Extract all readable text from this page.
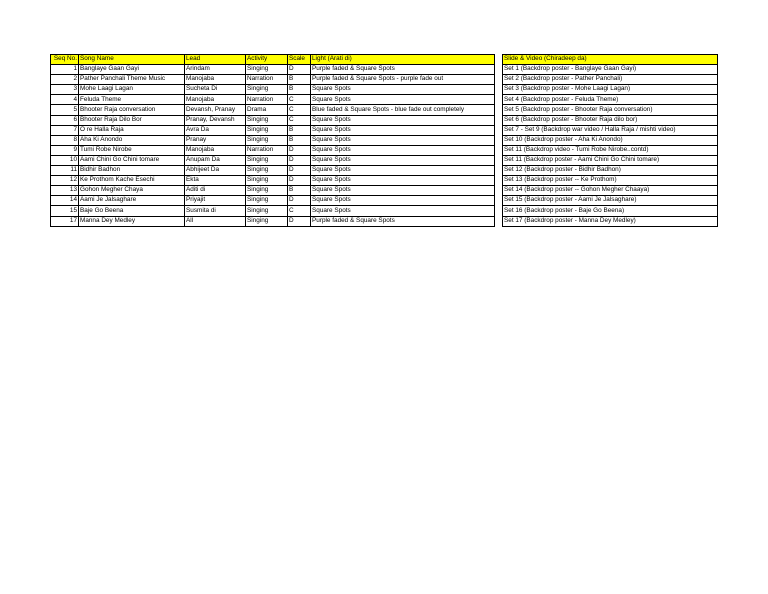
Seq No.	Song Name	Lead	Activity	Scale	Light (Arati di)		Slide & Video (Chiradeep da)
1	Banglaye Gaan Gayi	Arindam	Singing	D	Purple faded & Square Spots		Set 1 (Backdrop poster - Banglaye Gaan Gayi)
2	Pather Panchali Theme Music	Manojaba	Narration	B	Purple faded & Square Spots - purple fade out		Set 2 (Backdrop poster - Pather Panchali)
3	Mohe Laagi Lagan	Sucheta Di	Singing	B	Square Spots		Set 3 (Backdrop poster - Mohe Laagi Lagan)
4	Feluda Theme	Manojaba	Narration	C	Square Spots		Set 4 (Backdrop poster - Feluda Theme)
5	Bhooter Raja conversation	Devansh, Pranay	Drama	C	Blue faded & Square Spots - blue fade out completely		Set 5 (Backdrop poster - Bhooter Raja conversation)
6	Bhooter Raja Dilo Bor	Pranay, Devansh	Singing	C	Square Spots		Set 6 (Backdrop poster - Bhooter Raja dilo bor)
7	O re Halla Raja	Avra Da	Singing	B	Square Spots		Set 7 - Set 9 (Backdrop war video / Halla Raja / mishti video)
8	Aha Ki Anondo	Pranay	Singing	B	Square Spots		Set 10 (Backdrop poster - Aha Ki Anondo)
9	Tumi Robe Nirobe	Manojaba	Narration	D	Square Spots		Set 11 (Backdrop video - Tumi Robe Nirobe..contd)
10	Aami Chini Go Chini tomare	Anupam Da	Singing	D	Square Spots		Set 11 (Backdrop poster - Aami Chini Go Chini tomare)
11	Bidhir Badhon	Abhijeet Da	Singing	D	Square Spots		Set 12 (Backdrop poster - Bidhir Badhon)
12	Ke Prothom Kache Esechi	Ekta	Singing	D	Square Spots		Set 13 (Backdrop poster -- Ke Prothom)
13	Gohon Megher Chaya	Aditi di	Singing	B	Square Spots		Set 14 (Backdrop poster -- Gohon Megher Chaaya)
14	Aami Je Jalsaghare	Priyajit	Singing	D	Square Spots		Set 15 (Backdrop poster - Aami Je Jalsaghare)
15	Baje Go Beena	Susmita di	Singing	C	Square Spots		Set 16 (Backdrop poster - Baje Go Beena)
17	Manna Dey Medley	All	Singing	D	Purple faded & Square Spots		Set 17 (Backdrop poster - Manna Dey Medley)
